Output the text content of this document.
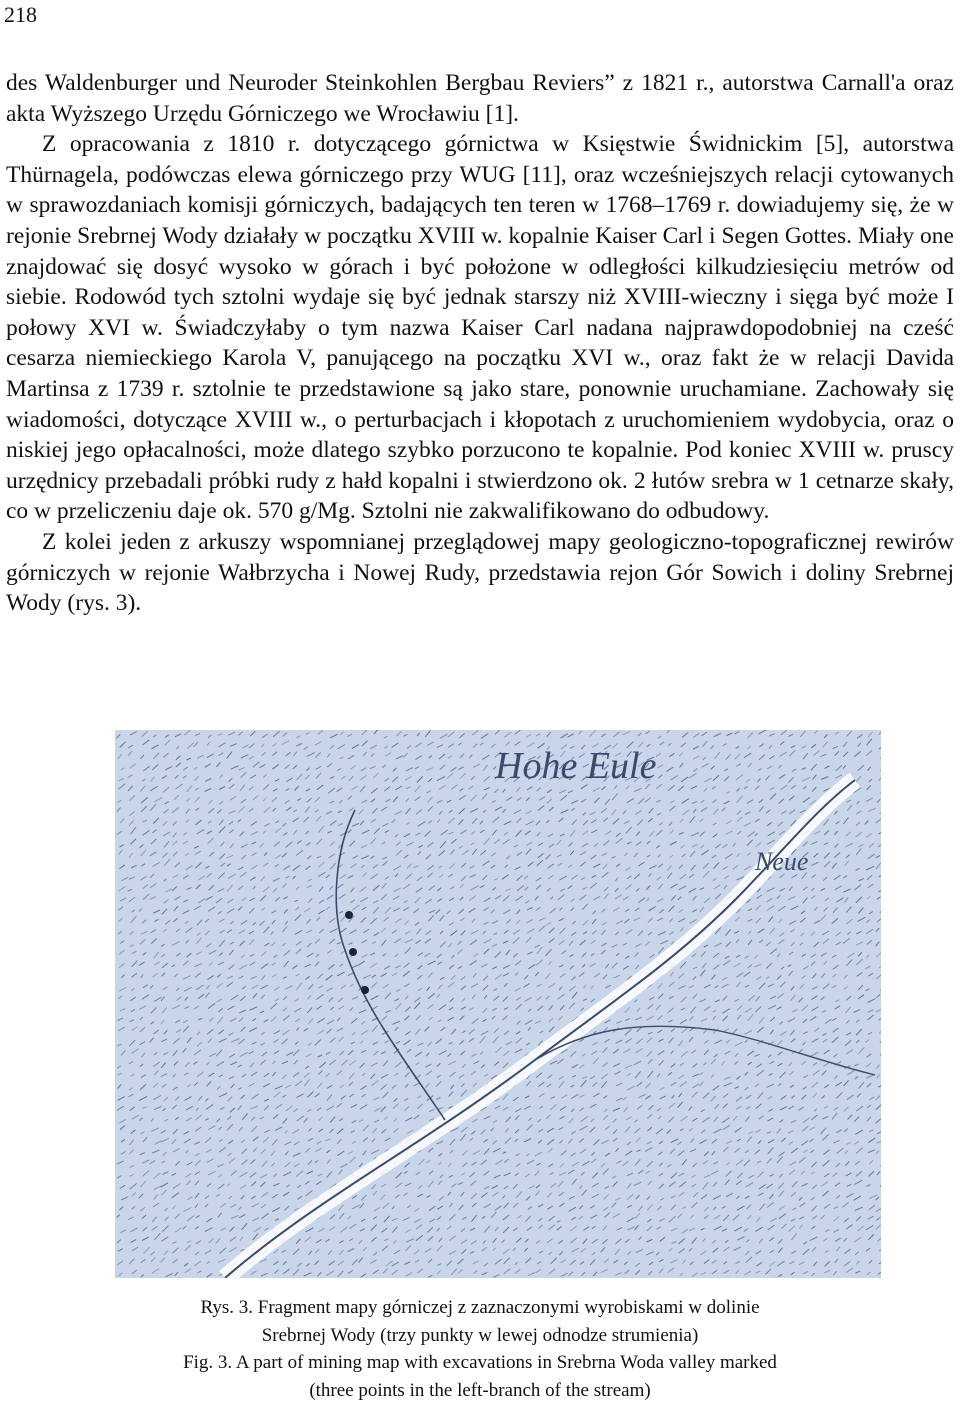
218

des Waldenburger und Neuroder Steinkohlen Bergbau Reviers” z 1821 r., autorstwa Carnall'a oraz akta Wyższego Urzędu Górniczego we Wrocławiu [1].

Z opracowania z 1810 r. dotyczącego górnictwa w Księstwie Świdnickim [5], autorstwa Thürnagela, podówczas elewa górniczego przy WUG [11], oraz wcześniejszych relacji cytowanych w sprawozdaniach komisji górniczych, badających ten teren w 1768–1769 r. dowiadujemy się, że w rejonie Srebrnej Wody działały w początku XVIII w. kopalnie Kaiser Carl i Segen Gottes. Miały one znajdować się dosyć wysoko w górach i być położone w odległości kilkudziesięciu metrów od siebie. Rodowód tych sztolni wydaje się być jednak starszy niż XVIII-wieczny i sięga być może I połowy XVI w. Świadczyłaby o tym nazwa Kaiser Carl nadana najprawdopodobniej na cześć cesarza niemieckiego Karola V, panującego na początku XVI w., oraz fakt że w relacji Davida Martinsa z 1739 r. sztolnie te przedstawione są jako stare, ponownie uruchamiane. Zachowały się wiadomości, dotyczące XVIII w., o perturbacjach i kłopotach z uruchomieniem wydobycia, oraz o niskiej jego opłacalności, może dlatego szybko porzucono te kopalnie. Pod koniec XVIII w. pruscy urzędnicy przebadali próbki rudy z hałd kopalni i stwierdzono ok. 2 łutów srebra w 1 cetnarze skały, co w przeliczeniu daje ok. 570 g/Mg. Sztolni nie zakwalifikowano do odbudowy.

Z kolei jeden z arkuszy wspomnianej przeglądowej mapy geologiczno-topograficznej rewirów górniczych w rejonie Wałbrzycha i Nowej Rudy, przedstawia rejon Gór Sowich i doliny Srebrnej Wody (rys. 3).

Hohe Eule
Neue
Rys. 3. Fragment mapy górniczej z zaznaczonymi wyrobiskami w dolinie
Srebrnej Wody (trzy punkty w lewej odnodze strumienia)
Fig. 3. A part of mining map with excavations in Srebrna Woda valley marked
(three points in the left-branch of the stream)
